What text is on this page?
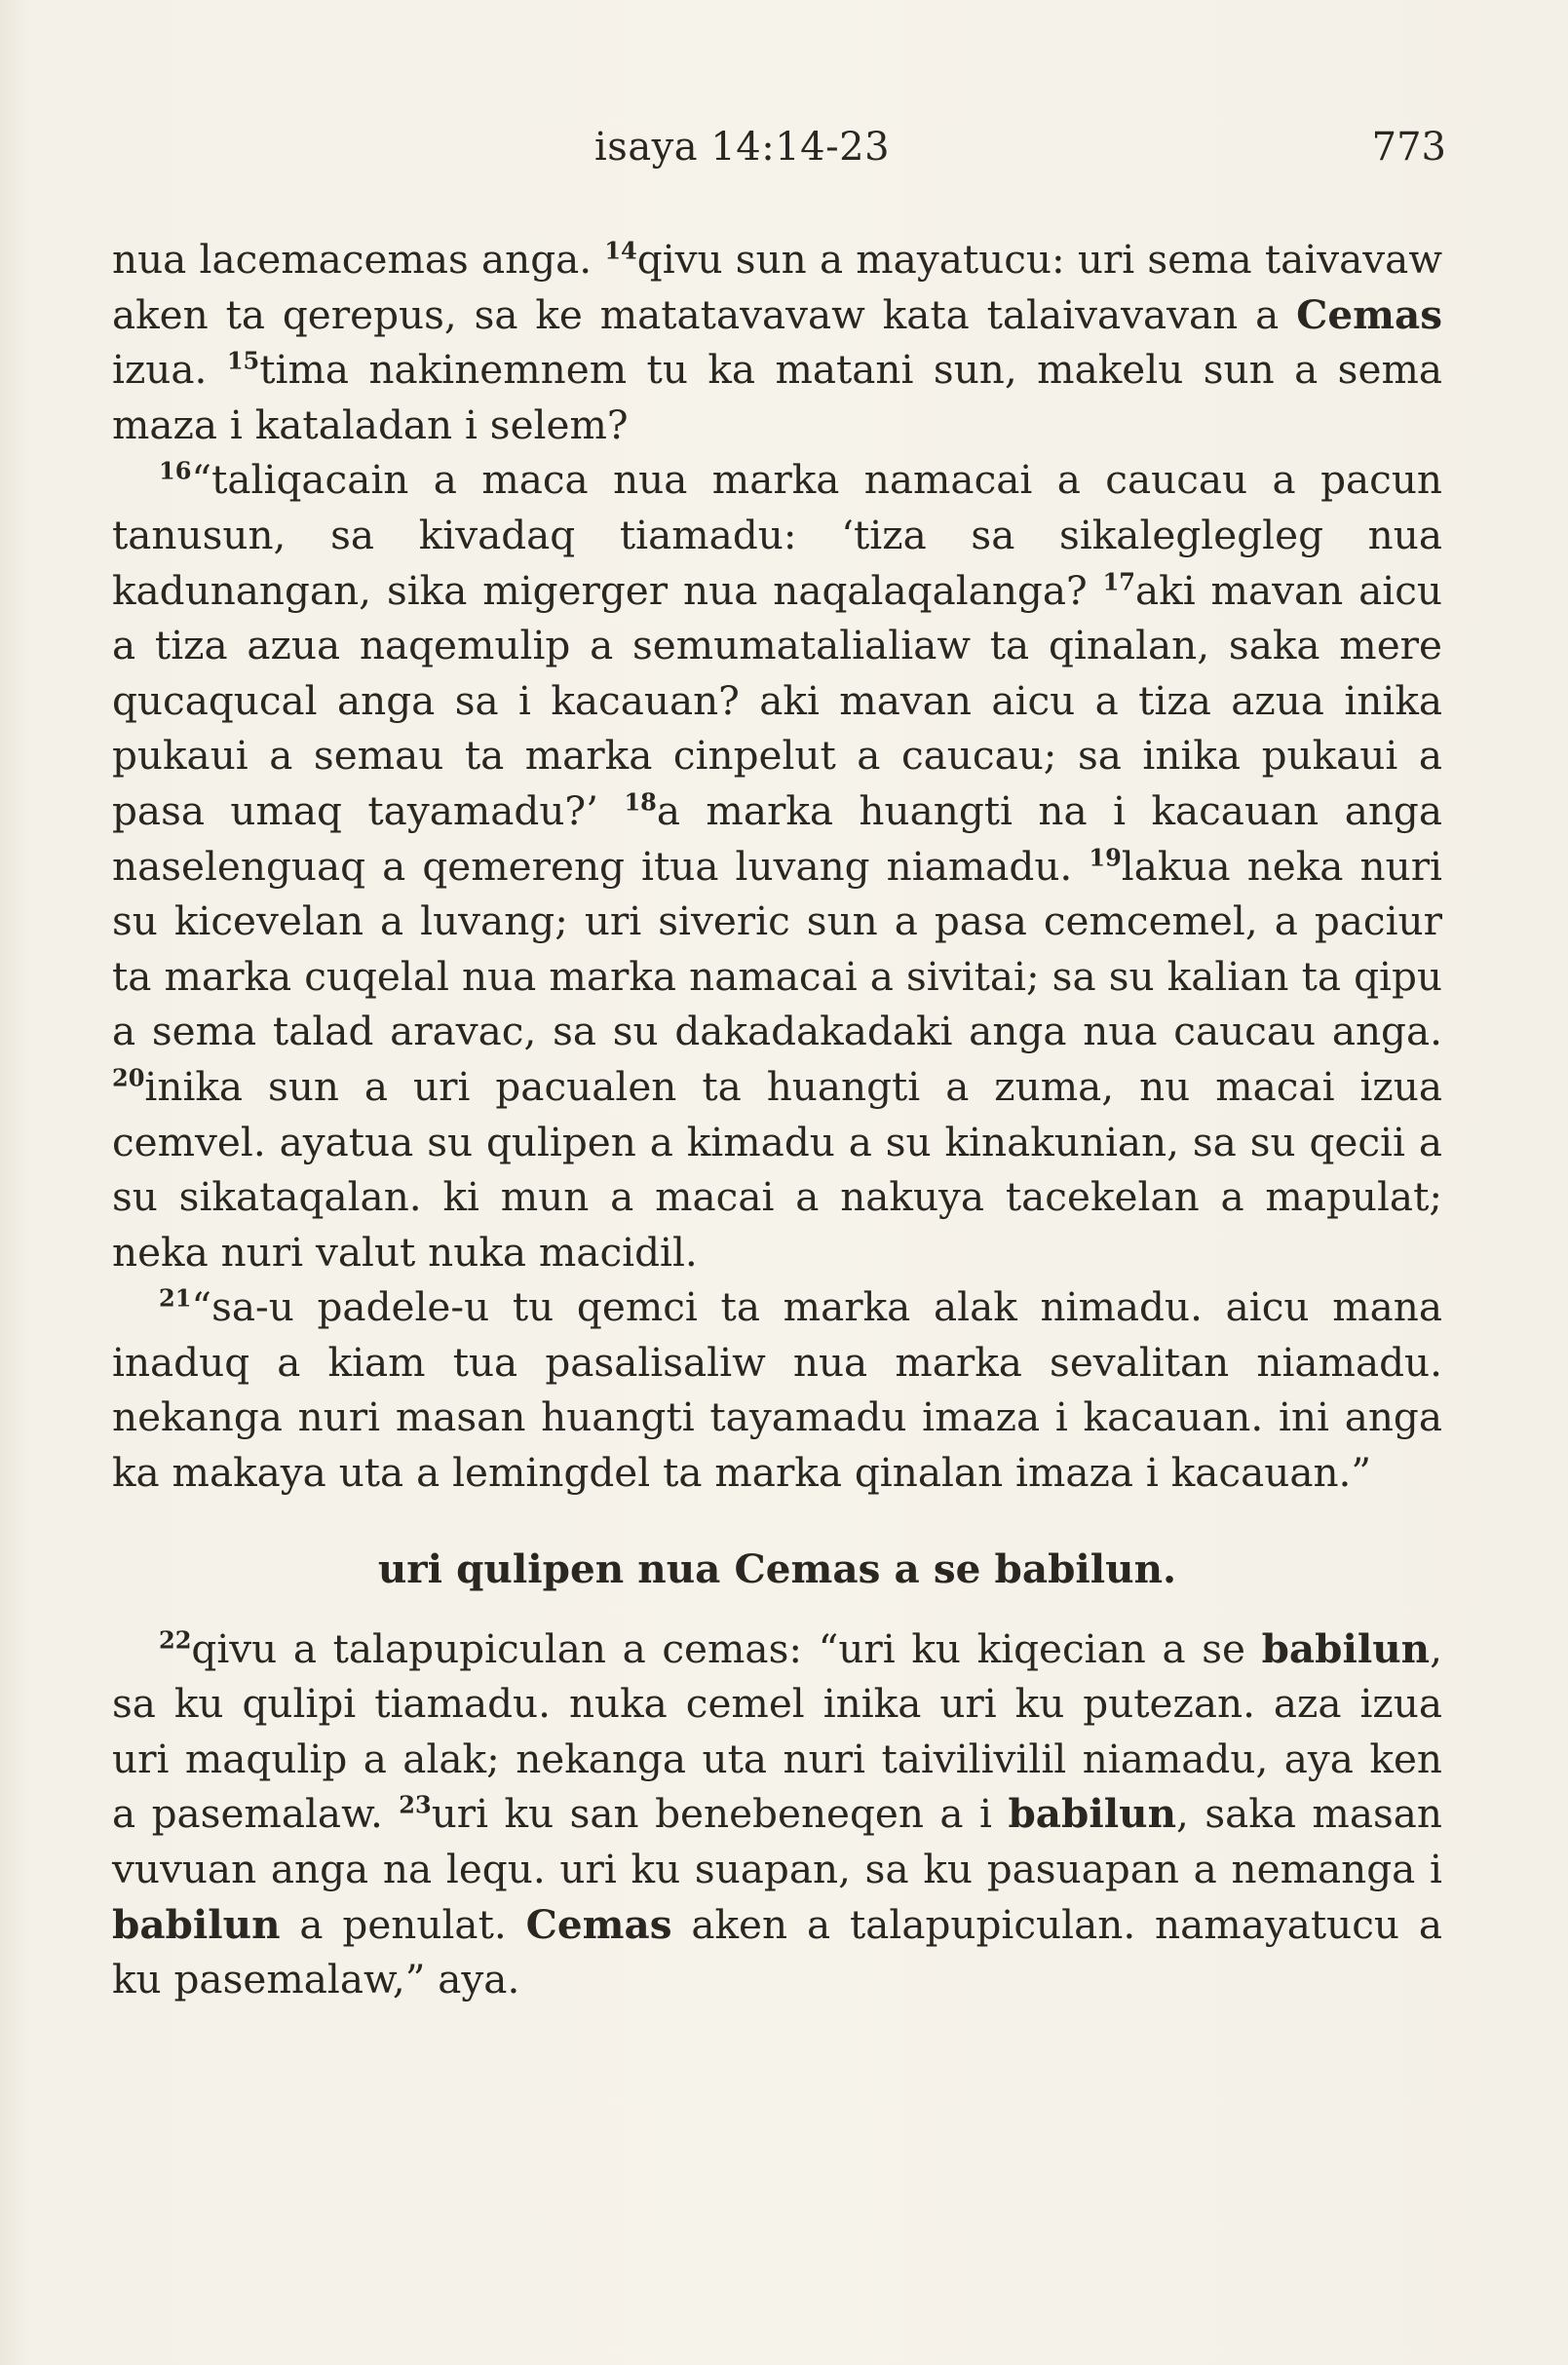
isaya 14:14-23	773

nua lacemacemas anga. $^{14}$qivu sun a mayatucu: uri sema taivavaw aken ta qerepus, sa ke matatavavaw kata talaivavavan a Cemas izua. $^{15}$tima nakinemnem tu ka matani sun, makelu sun a sema maza i kataladan i selem?

$^{16}$“taliqacain a maca nua marka namacai a caucau a pacun tanusun, sa kivadaq tiamadu: ‘tiza sa sikaleglegleg nua kadunangan, sika migerger nua naqalaqalanga? $^{17}$aki mavan aicu a tiza azua naqemulip a semumatalialiaw ta qinalan, saka mere qucaqucal anga sa i kacauan? aki mavan aicu a tiza azua inika pukaui a semau ta marka cinpelut a caucau; sa inika pukaui a pasa umaq tayamadu?’ $^{18}$a marka huangti na i kacauan anga naselenguaq a qemereng itua luvang niamadu. $^{19}$lakua neka nuri su kicevelan a luvang; uri siveric sun a pasa cemcemel, a paciur ta marka cuqelal nua marka namacai a sivitai; sa su kalian ta qipu a sema talad aravac, sa su dakadakadaki anga nua caucau anga. $^{20}$inika sun a uri pacualen ta huangti a zuma, nu macai izua cemvel. ayatua su qulipen a kimadu a su kinakunian, sa su qecii a su sikataqalan. ki mun a macai a nakuya tacekelan a mapulat; neka nuri valut nuka macidil.

$^{21}$“sa-u padele-u tu qemci ta marka alak nimadu. aicu mana inaduq a kiam tua pasalisaliw nua marka sevalitan niamadu. nekanga nuri masan huangti tayamadu imaza i kacauan. ini anga ka makaya uta a lemingdel ta marka qinalan imaza i kacauan.”

uri qulipen nua Cemas a se babilun.

$^{22}$qivu a talapupiculan a cemas: “uri ku kiqecian a se babilun, sa ku qulipi tiamadu. nuka cemel inika uri ku putezan. aza izua uri maqulip a alak; nekanga uta nuri taivilivilil niamadu, aya ken a pasemalaw. $^{23}$uri ku san benebeneqen a i babilun, saka masan vuvuan anga na lequ. uri ku suapan, sa ku pasuapan a nemanga i babilun a penulat. Cemas aken a talapupiculan. namayatucu a ku pasemalaw,” aya.
